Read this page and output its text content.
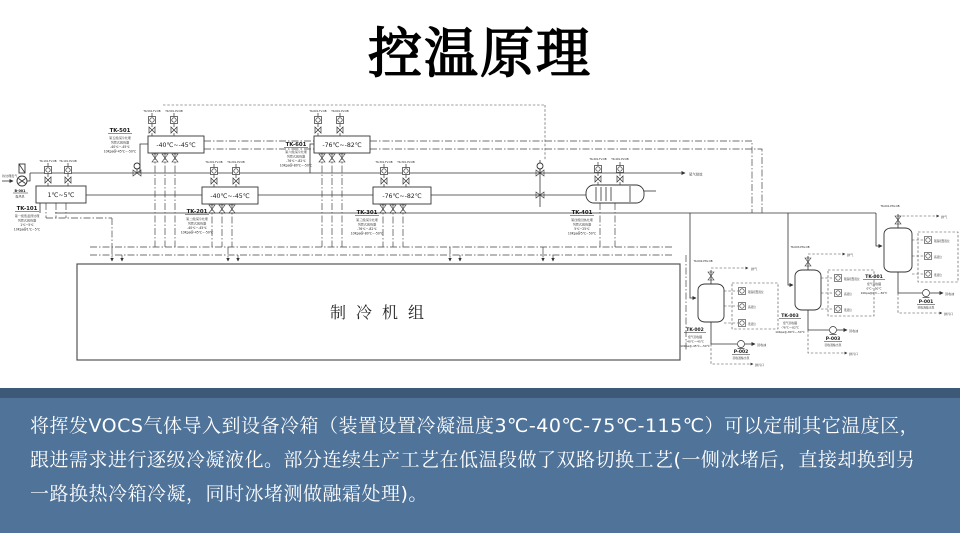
控温原理
待处理废气
B-001
鼓风机
制冷机组
TK-501-TV-0B TK-501-PV-0B
-40℃~-45℃
TK-501
第五级深冷处理
列管式换热器
-40℃~-45℃
10Kpa@-45℃~-50℃
TK-601-TV-0B TK-601-PV-0B
-76℃~-82℃
TK-601
第六级深冷处理
列管式换热器
-76℃~-82℃
10Kpa@-80℃~-50℃
TK-101-TV-0B TK-101-PV-0B
1℃~5℃
TK-101
第一级低温预处理
列管式换热器
1℃~5℃
10Kpa@1℃~5℃
TK-201-TV-0B TK-201-PV-0B
-40℃~-45℃
TK-201
第二级深冷处理
列管式换热器
-40℃~-45℃
10Kpa@-45℃~-50℃
TK-301-TV-0B TK-301-PV-0B
-76℃~-82℃
TK-301
第三级深冷处理
列管式换热器
-76℃~-82℃
10Kpa@-80℃~-50℃
TK-401-TV-0B TK-401-PV-0B
TK-401
第四级回热处理
列管式换热器
5℃~25℃
10Kpa@5℃~50℃
尾气排放
TK-002-PSV-0B
排气
TK-002
废气回收罐
-40℃~-45℃
10Kpa@-45℃~-50℃
限高报警液位
高液位
低液位
回收油
P-002
回收液输出泵
排污口
TK-003-PSV-0B
排气
TK-003
废气回收罐
-76℃~-82℃
10Kpa@-80℃~-50℃
限高报警液位
高液位
低液位
回收油
P-003
回收液输出泵
排污口
TK-001-PSV-0B
排气
TK-001
废气回收罐
0℃~-50℃
10Kpa@0℃~-50℃
限高报警液位
高液位
低液位
回收油
P-001
回收液输出泵
排污口

将挥发VOCS气体导入到设备冷箱（装置设置冷凝温度3℃-40℃-75℃-115℃）可以定制其它温度区，跟进需求进行逐级冷凝液化。部分连续生产工艺在低温段做了双路切换工艺(一侧冰堵后，直接却换到另一路换热冷箱冷凝，同时冰堵测做融霜处理)。
